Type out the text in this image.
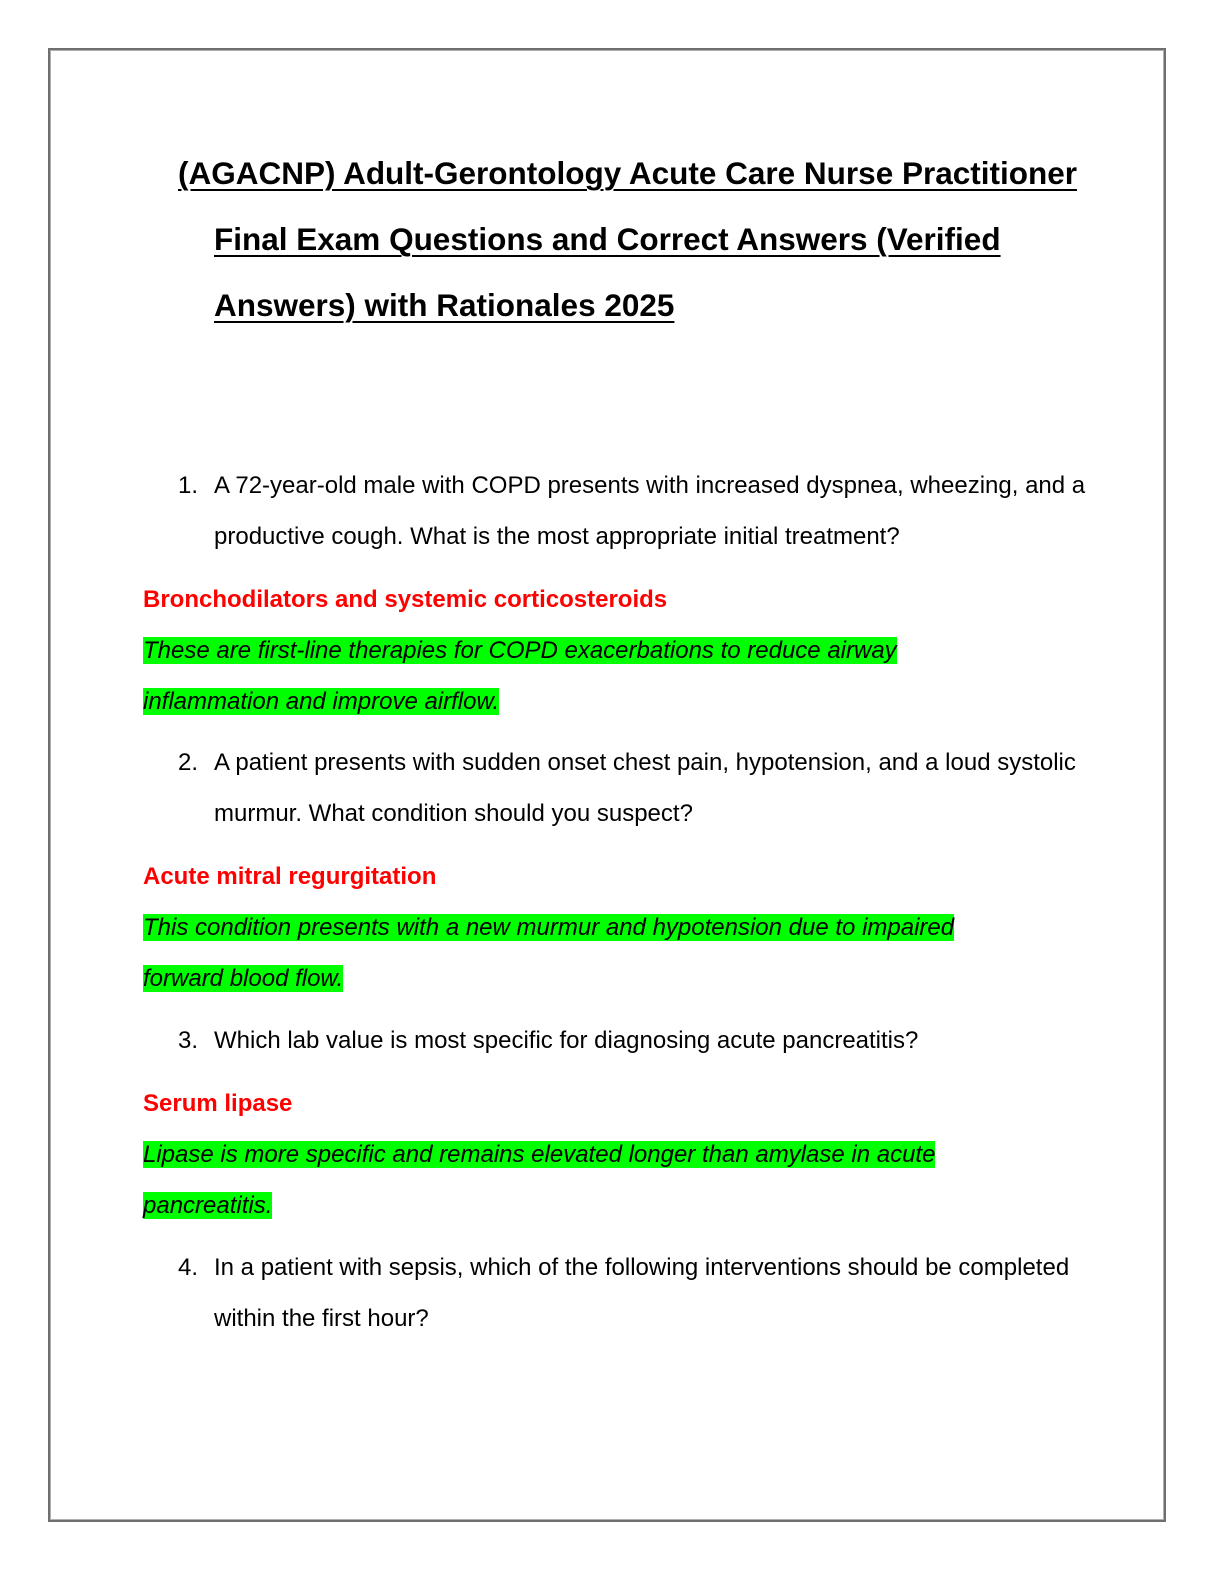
(AGACNP) Adult-Gerontology Acute Care Nurse Practitioner
Final Exam Questions and Correct Answers (Verified
Answers) with Rationales 2025
1. A 72-year-old male with COPD presents with increased dyspnea, wheezing, and a productive cough. What is the most appropriate initial treatment?
Bronchodilators and systemic corticosteroids
These are first-line therapies for COPD exacerbations to reduce airway inflammation and improve airflow.
2. A patient presents with sudden onset chest pain, hypotension, and a loud systolic murmur. What condition should you suspect?
Acute mitral regurgitation
This condition presents with a new murmur and hypotension due to impaired forward blood flow.
3. Which lab value is most specific for diagnosing acute pancreatitis?
Serum lipase
Lipase is more specific and remains elevated longer than amylase in acute pancreatitis.
4. In a patient with sepsis, which of the following interventions should be completed within the first hour?
